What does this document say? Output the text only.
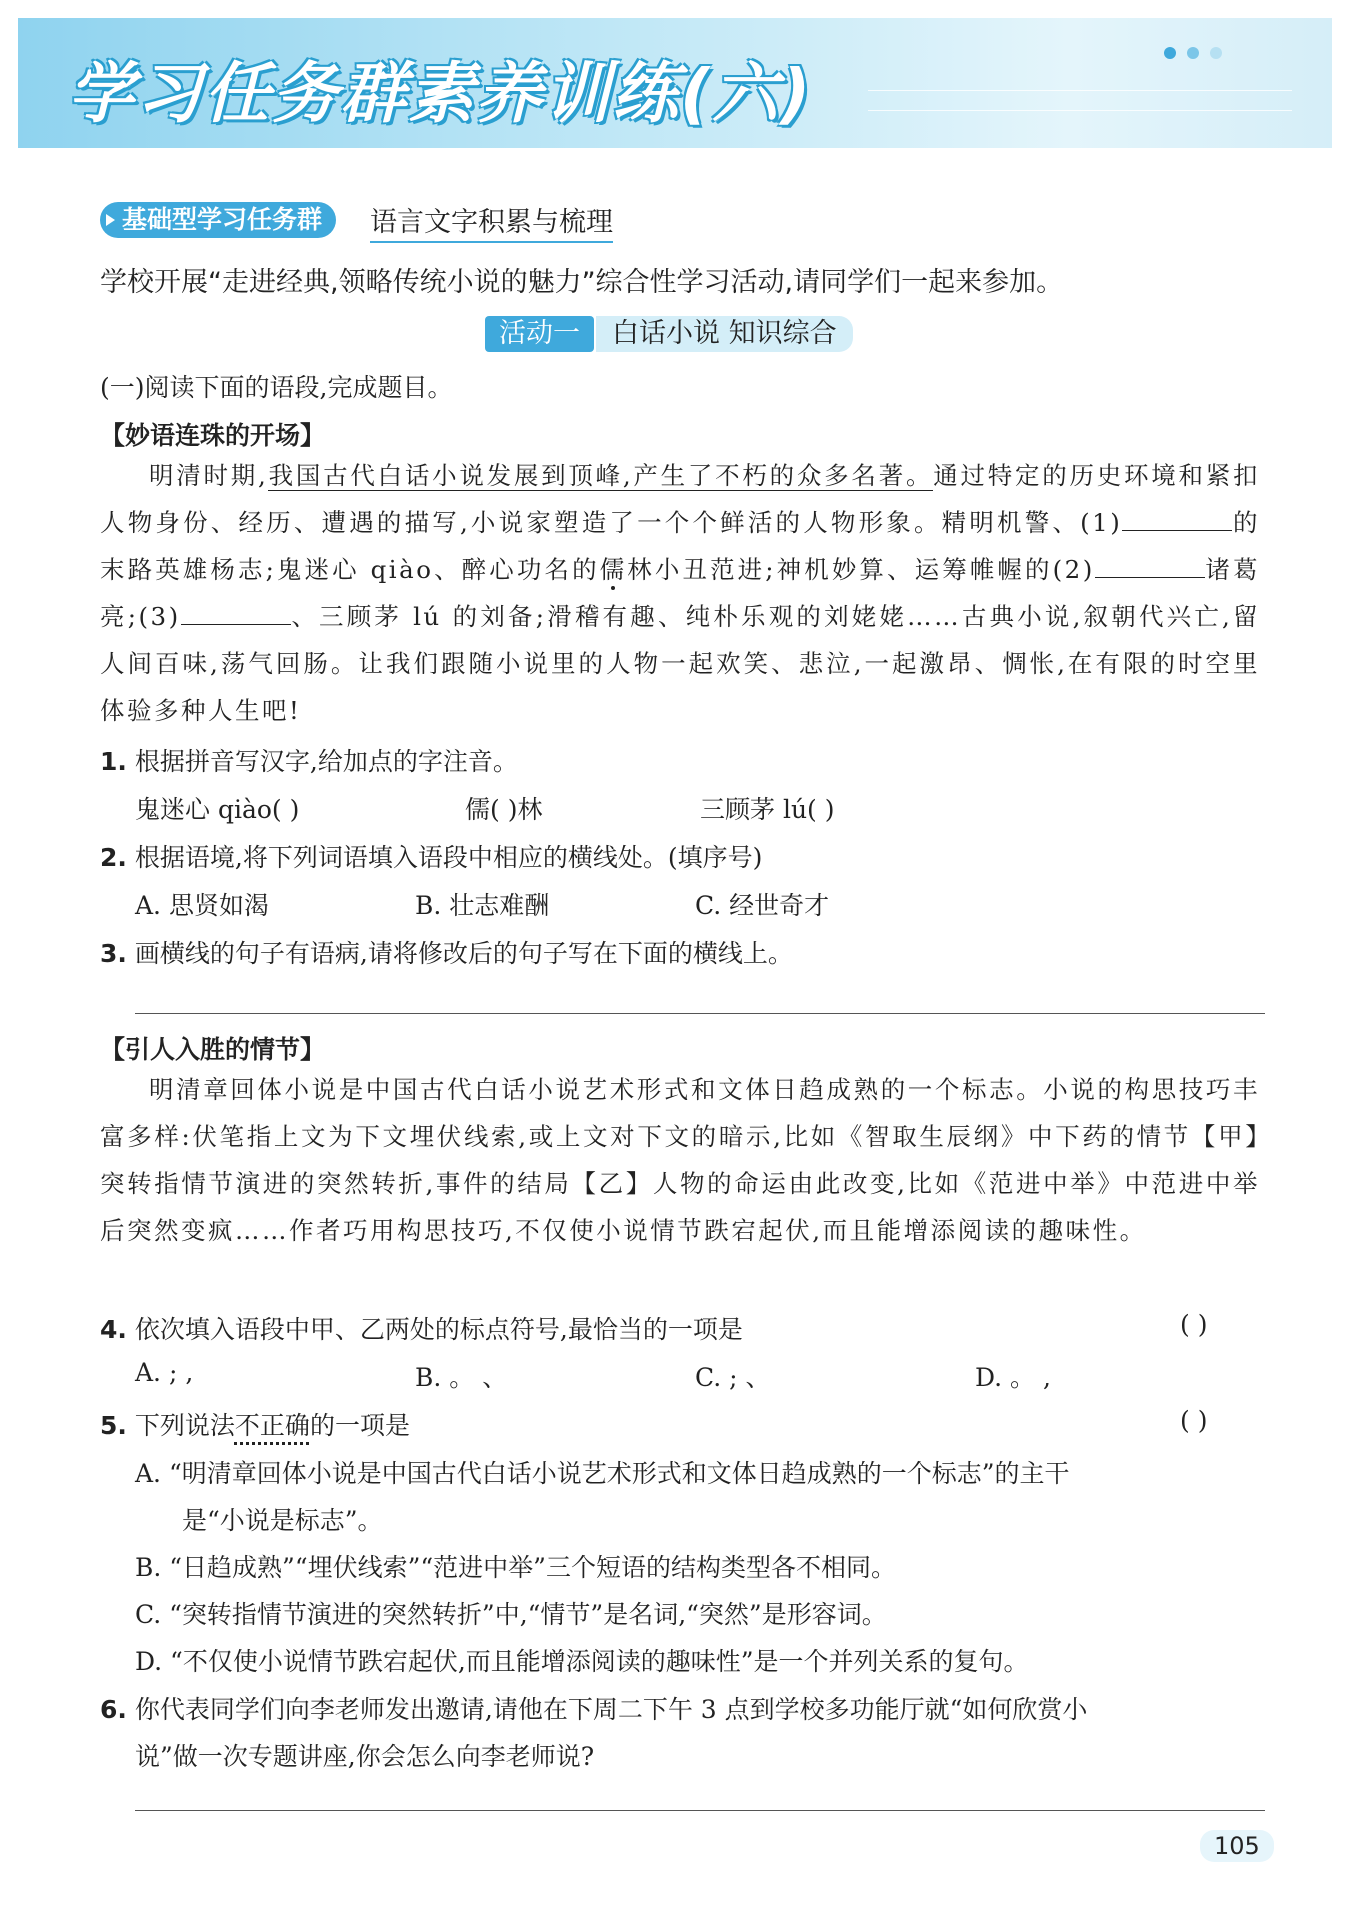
学习任务群素养训练(六)

基础型学习任务群	语言文字积累与梳理
学校开展“走进经典,领略传统小说的魅力”综合性学习活动,请同学们一起来参加。
活动一 白话小说 知识综合
(一)阅读下面的语段,完成题目。
【妙语连珠的开场】

明清时期,我国古代白话小说发展到顶峰,产生了不朽的众多名著。通过特定的历史环境和紧扣人物身份、经历、遭遇的描写,小说家塑造了一个个鲜活的人物形象。精明机警、(1)	的末路英雄杨志;鬼迷心 qiào、醉心功名的儒林小丑范进;神机妙算、运筹帷幄的(2)	诸葛亮;(3)	、三顾茅 lú 的刘备;滑稽有趣、纯朴乐观的刘姥姥……古典小说,叙朝代兴亡,留人间百味,荡气回肠。让我们跟随小说里的人物一起欢笑、悲泣,一起激昂、惆怅,在有限的时空里体验多种人生吧!

1. 根据拼音写汉字,给加点的字注音。
鬼迷心 qiào( )	儒( )林	三顾茅 lú( )
2. 根据语境,将下列词语填入语段中相应的横线处。(填序号)
A. 思贤如渴	B. 壮志难酬	C. 经世奇才
3. 画横线的句子有语病,请将修改后的句子写在下面的横线上。
【引人入胜的情节】

明清章回体小说是中国古代白话小说艺术形式和文体日趋成熟的一个标志。小说的构思技巧丰富多样:伏笔指上文为下文埋伏线索,或上文对下文的暗示,比如《智取生辰纲》中下药的情节【甲】突转指情节演进的突然转折,事件的结局【乙】人物的命运由此改变,比如《范进中举》中范进中举后突然变疯……作者巧用构思技巧,不仅使小说情节跌宕起伏,而且能增添阅读的趣味性。

4. 依次填入语段中甲、乙两处的标点符号,最恰当的一项是	( )
A. ; ,	B. 。 、	C. ; 、	D. 。 ,
5. 下列说法不正确的一项是	( )
A. “明清章回体小说是中国古代白话小说艺术形式和文体日趋成熟的一个标志”的主干
是“小说是标志”。
B. “日趋成熟”“埋伏线索”“范进中举”三个短语的结构类型各不相同。
C. “突转指情节演进的突然转折”中,“情节”是名词,“突然”是形容词。
D. “不仅使小说情节跌宕起伏,而且能增添阅读的趣味性”是一个并列关系的复句。
6. 你代表同学们向李老师发出邀请,请他在下周二下午 3 点到学校多功能厅就“如何欣赏小
说”做一次专题讲座,你会怎么向李老师说?
105
